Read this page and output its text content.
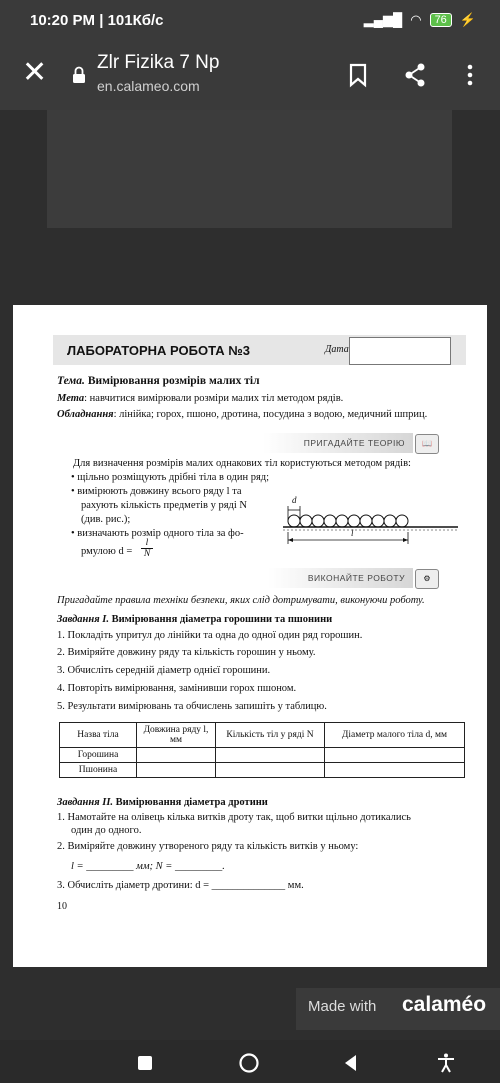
10:20 PM | 101Кб/с	▂▄▆█ ◠	76	⚡
✕	Zlr Fizika 7 Np
en.calameo.com
ЛАБОРАТОРНА РОБОТА №3	Дата
Тема. Вимірювання розмірів малих тіл
Мета: навчитися вимірювали розміри малих тіл методом рядів.
Обладнання: лінійка; горох, пшоно, дротина, посудина з водою, медичний шприц.
ПРИГАДАЙТЕ ТЕОРІЮ	📖
Для визначення розмірів малих однакових тіл користуються методом рядів:
• щільно розміщують дрібні тіла в один ряд;
• вимірюють довжину всього ряду l та
рахують кількість предметів у ряді N
(див. рис.);
• визначають розмір одного тіла за фо-
рмулою $d = \frac{l}{N}$
d
l
ВИКОНАЙТЕ РОБОТУ	⚙
Пригадайте правила техніки безпеки, яких слід дотримувати, виконуючи роботу.
Завдання І. Вимірювання діаметра горошини та пшонини
1. Покладіть упритул до лінійки та одна до одної один ряд горошин.
2. Виміряйте довжину ряду та кількість горошин у ньому.
3. Обчисліть середній діаметр однієї горошини.
4. Повторіть вимірювання, замінивши горох пшоном.
5. Результати вимірювань та обчислень запишіть у таблицю.
Назва тіла	Довжина ряду l, мм	Кількість тіл у ряді N	Діаметр малого тіла d, мм
Горошина			
Пшонина			
Завдання II. Вимірювання діаметра дротини
1. Намотайте на олівець кілька витків дроту так, щоб витки щільно дотикались
один до одного.
2. Виміряйте довжину утвореного ряду та кількість витків у ньому:
l = _________ мм; N = _________.
3. Обчисліть діаметр дротини: d = ______________ мм.
10
Made with calaméo
